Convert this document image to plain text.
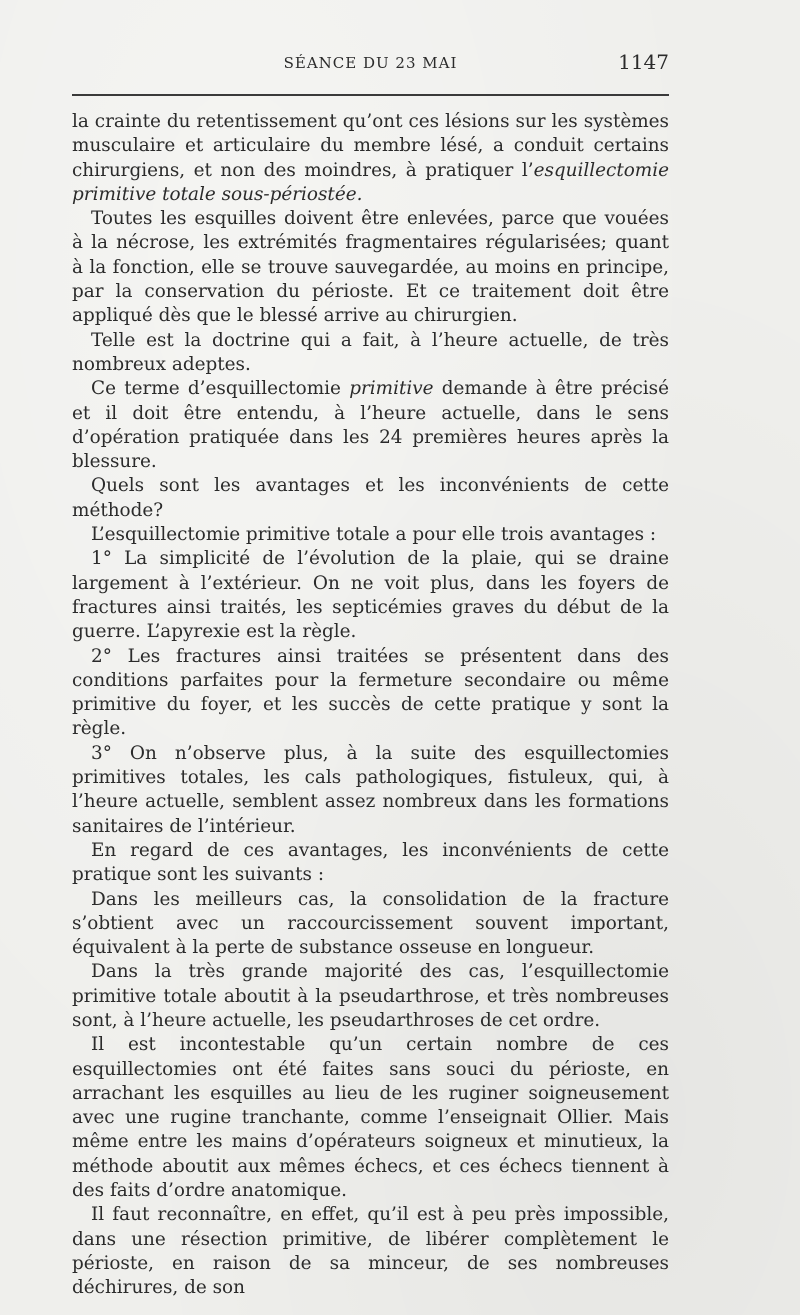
SÉANCE DU 23 MAI	1147

la crainte du retentissement qu’ont ces lésions sur les systèmes musculaire et articulaire du membre lésé, a conduit certains chirurgiens, et non des moindres, à pratiquer l’esquillectomie primitive totale sous-périostée.

Toutes les esquilles doivent être enlevées, parce que vouées à la nécrose, les extrémités fragmentaires régularisées; quant à la fonction, elle se trouve sauvegardée, au moins en principe, par la conservation du périoste. Et ce traitement doit être appliqué dès que le blessé arrive au chirurgien.

Telle est la doctrine qui a fait, à l’heure actuelle, de très nombreux adeptes.

Ce terme d’esquillectomie primitive demande à être précisé et il doit être entendu, à l’heure actuelle, dans le sens d’opération pratiquée dans les 24 premières heures après la blessure.

Quels sont les avantages et les inconvénients de cette méthode?

L’esquillectomie primitive totale a pour elle trois avantages :

1° La simplicité de l’évolution de la plaie, qui se draine largement à l’extérieur. On ne voit plus, dans les foyers de fractures ainsi traités, les septicémies graves du début de la guerre. L’apyrexie est la règle.

2° Les fractures ainsi traitées se présentent dans des conditions parfaites pour la fermeture secondaire ou même primitive du foyer, et les succès de cette pratique y sont la règle.

3° On n’observe plus, à la suite des esquillectomies primitives totales, les cals pathologiques, fistuleux, qui, à l’heure actuelle, semblent assez nombreux dans les formations sanitaires de l’intérieur.

En regard de ces avantages, les inconvénients de cette pratique sont les suivants :

Dans les meilleurs cas, la consolidation de la fracture s’obtient avec un raccourcissement souvent important, équivalent à la perte de substance osseuse en longueur.

Dans la très grande majorité des cas, l’esquillectomie primitive totale aboutit à la pseudarthrose, et très nombreuses sont, à l’heure actuelle, les pseudarthroses de cet ordre.

Il est incontestable qu’un certain nombre de ces esquillectomies ont été faites sans souci du périoste, en arrachant les esquilles au lieu de les ruginer soigneusement avec une rugine tranchante, comme l’enseignait Ollier. Mais même entre les mains d’opérateurs soigneux et minutieux, la méthode aboutit aux mêmes échecs, et ces échecs tiennent à des faits d’ordre anatomique.

Il faut reconnaître, en effet, qu’il est à peu près impossible, dans une résection primitive, de libérer complètement le périoste, en raison de sa minceur, de ses nombreuses déchirures, de son
